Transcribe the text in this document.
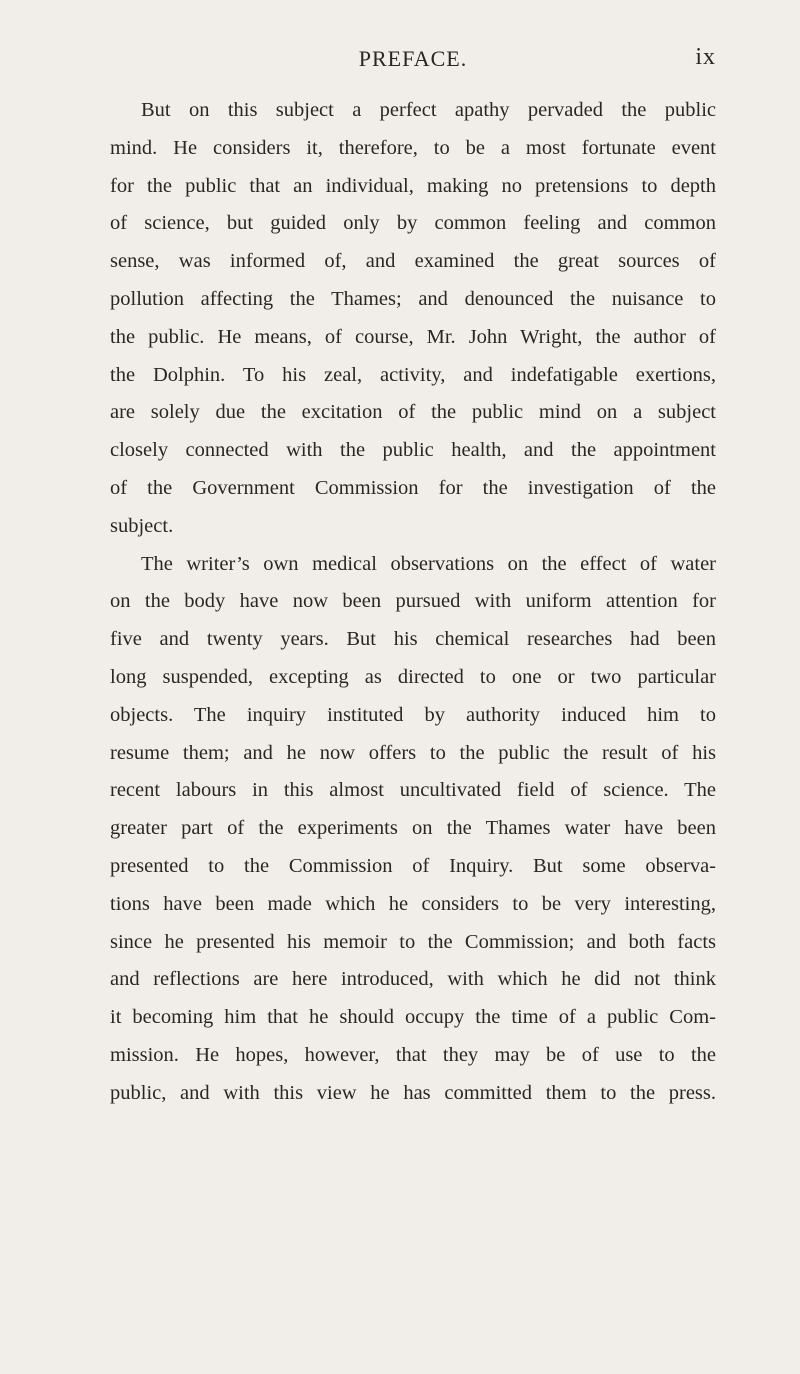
PREFACE.	ix
But on this subject a perfect apathy pervaded the public
mind. He considers it, therefore, to be a most fortunate event
for the public that an individual, making no pretensions to depth
of science, but guided only by common feeling and common
sense, was informed of, and examined the great sources of
pollution affecting the Thames; and denounced the nuisance to
the public. He means, of course, Mr. John Wright, the author of
the Dolphin. To his zeal, activity, and indefatigable exertions,
are solely due the excitation of the public mind on a subject
closely connected with the public health, and the appointment
of the Government Commission for the investigation of the
subject.
The writer’s own medical observations on the effect of water
on the body have now been pursued with uniform attention for
five and twenty years. But his chemical researches had been
long suspended, excepting as directed to one or two particular
objects. The inquiry instituted by authority induced him to
resume them; and he now offers to the public the result of his
recent labours in this almost uncultivated field of science. The
greater part of the experiments on the Thames water have been
presented to the Commission of Inquiry. But some observa-
tions have been made which he considers to be very interesting,
since he presented his memoir to the Commission; and both facts
and reflections are here introduced, with which he did not think
it becoming him that he should occupy the time of a public Com-
mission. He hopes, however, that they may be of use to the
public, and with this view he has committed them to the press.
